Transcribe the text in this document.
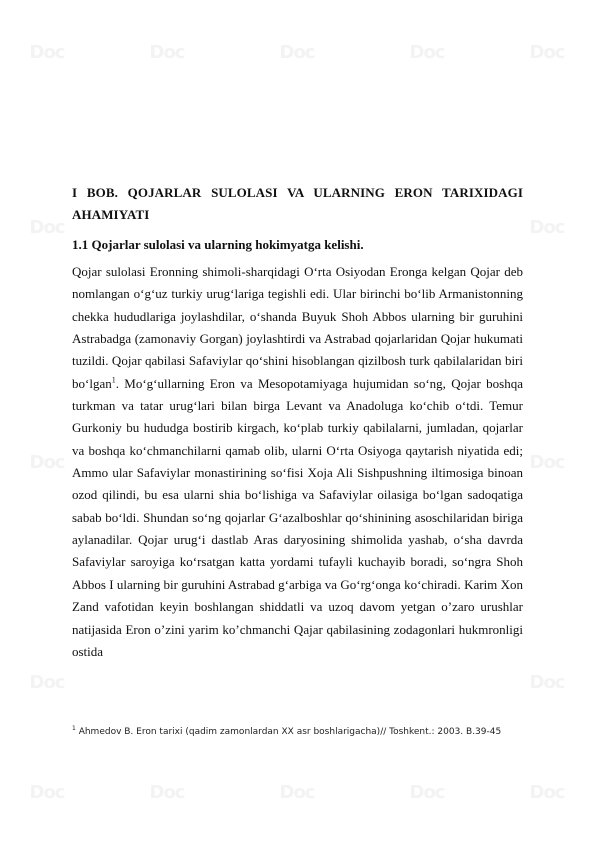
Doc	Doc	Doc	Doc	Doc
Doc	Doc
Doc	Doc
Doc	Doc
Doc	Doc	Doc	Doc	Doc

I BOB. QOJARLAR SULOLASI VA ULARNING ERON TARIXIDAGI AHAMIYATI

1.1 Qojarlar sulolasi va ularning hokimyatga kelishi.

Qojar sulolasi Eronning shimoli-sharqidagi O‘rta Osiyodan Eronga kelgan Qojar deb nomlangan o‘g‘uz turkiy urug‘lariga tegishli edi. Ular birinchi bo‘lib Armanistonning chekka hududlariga joylashdilar, o‘shanda Buyuk Shoh Abbos ularning bir guruhini Astrabadga (zamonaviy Gorgan) joylashtirdi va Astrabad qojarlaridan Qojar hukumati tuzildi. Qojar qabilasi Safaviylar qo‘shini hisoblangan qizilbosh turk qabilalaridan biri bo‘lgan$^1$. Mo‘g‘ullarning Eron va Mesopotamiyaga hujumidan so‘ng, Qojar boshqa turkman va tatar urug‘lari bilan birga Levant va Anadoluga ko‘chib o‘tdi. Temur Gurkoniy bu hududga bostirib kirgach, ko‘plab turkiy qabilalarni, jumladan, qojarlar va boshqa ko‘chmanchilarni qamab olib, ularni O‘rta Osiyoga qaytarish niyatida edi; Ammo ular Safaviylar monastirining so‘fisi Xoja Ali Sishpushning iltimosiga binoan ozod qilindi, bu esa ularni shia bo‘lishiga va Safaviylar oilasiga bo‘lgan sadoqatiga sabab bo‘ldi. Shundan so‘ng qojarlar G‘azalboshlar qo‘shinining asoschilaridan biriga aylanadilar. Qojar urug‘i dastlab Aras daryosining shimolida yashab, o‘sha davrda Safaviylar saroyiga ko‘rsatgan katta yordami tufayli kuchayib boradi, so‘ngra Shoh Abbos I ularning bir guruhini Astrabad g‘arbiga va Go‘rg‘onga ko‘chiradi. Karim Xon Zand vafotidan keyin boshlangan shiddatli va uzoq davom yetgan o’zaro urushlar natijasida Eron o’zini yarim ko’chmanchi Qajar qabilasining zodagonlari hukmronligi ostida

$^1$ Ahmedov B. Eron tarixi (qadim zamonlardan XX asr boshlarigacha)// Toshkent.: 2003. B.39-45
